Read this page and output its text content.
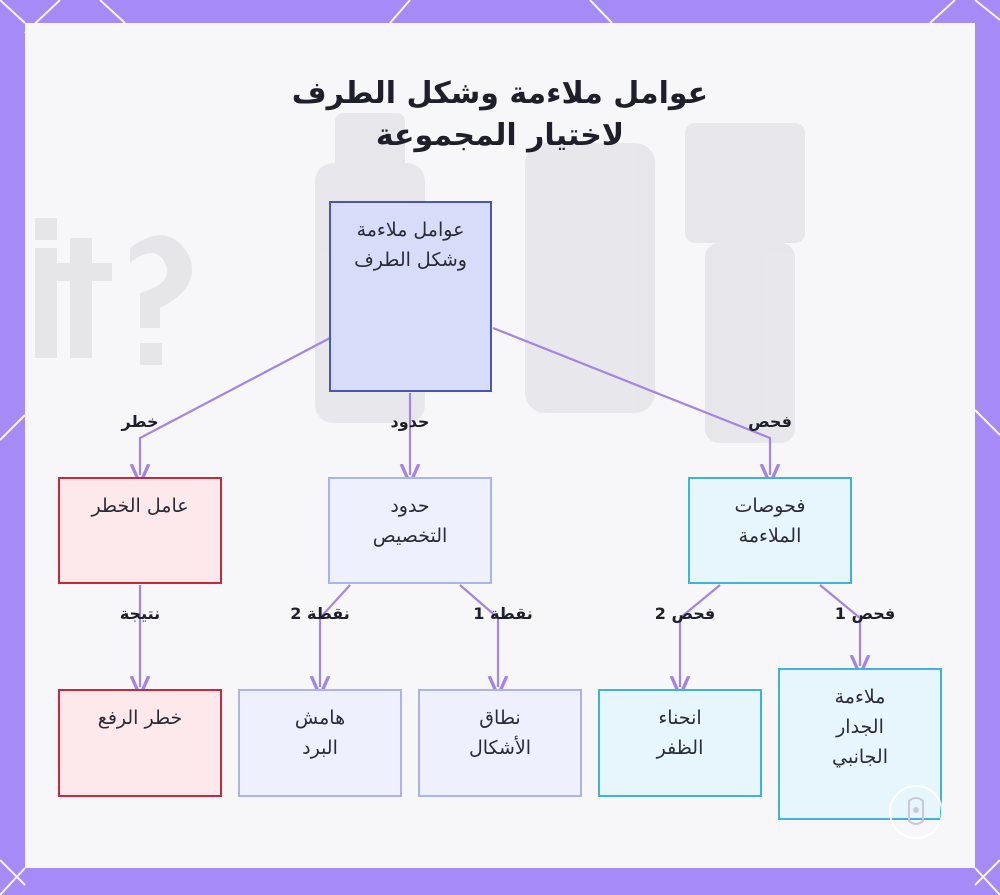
عوامل ملاءمة وشكل الطرف
لاختيار المجموعة
خطر	حدود	فحص
نتيجة	نقطة 2	نقطة 1	فحص 2	فحص 1
عوامل ملاءمة وشكل الطرف
عامل الخطر	حدود التخصيص
فحوصات الملاءمة
خطر الرفع	هامش البرد
نطاق الأشكال
انحناء الظفر
ملاءمة الجدار الجانبي
